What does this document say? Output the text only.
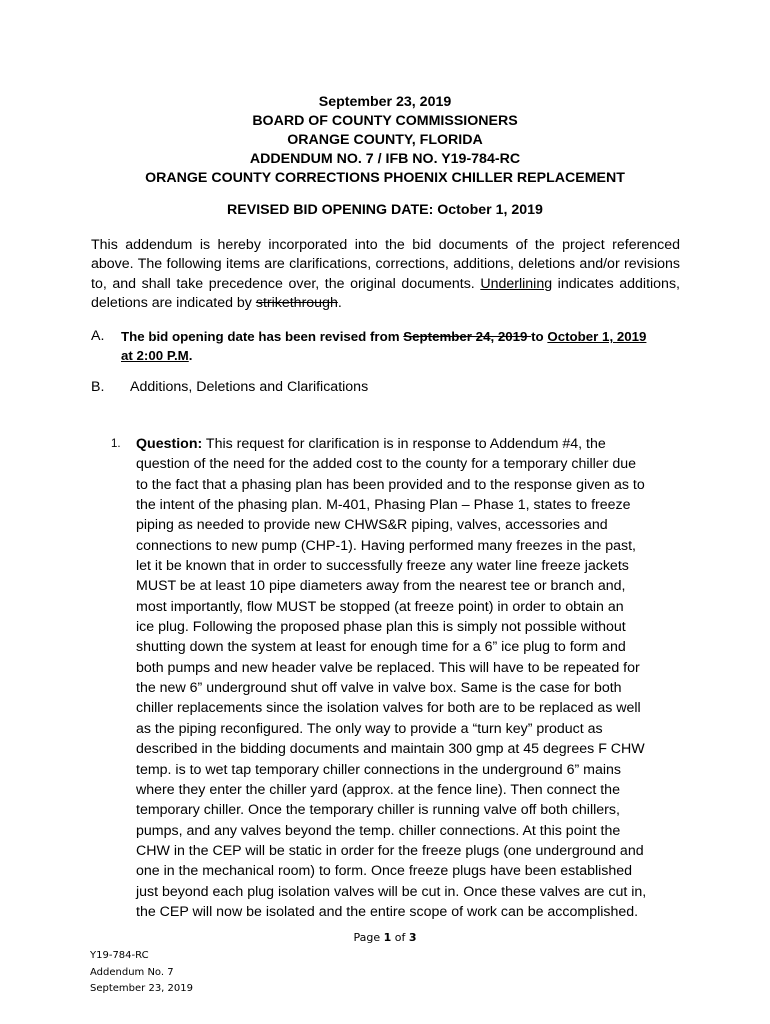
September 23, 2019
BOARD OF COUNTY COMMISSIONERS
ORANGE COUNTY, FLORIDA
ADDENDUM NO. 7 / IFB NO. Y19-784-RC
ORANGE COUNTY CORRECTIONS PHOENIX CHILLER REPLACEMENT
REVISED BID OPENING DATE: October 1, 2019
This addendum is hereby incorporated into the bid documents of the project referenced above. The following items are clarifications, corrections, additions, deletions and/or revisions to, and shall take precedence over, the original documents. Underlining indicates additions, deletions are indicated by strikethrough.
A. The bid opening date has been revised from September 24, 2019 to October 1, 2019
at 2:00 P.M.
B. Additions, Deletions and Clarifications
1. Question: This request for clarification is in response to Addendum #4, the
question of the need for the added cost to the county for a temporary chiller due
to the fact that a phasing plan has been provided and to the response given as to
the intent of the phasing plan. M-401, Phasing Plan – Phase 1, states to freeze
piping as needed to provide new CHWS&R piping, valves, accessories and
connections to new pump (CHP-1). Having performed many freezes in the past,
let it be known that in order to successfully freeze any water line freeze jackets
MUST be at least 10 pipe diameters away from the nearest tee or branch and,
most importantly, flow MUST be stopped (at freeze point) in order to obtain an
ice plug. Following the proposed phase plan this is simply not possible without
shutting down the system at least for enough time for a 6” ice plug to form and
both pumps and new header valve be replaced. This will have to be repeated for
the new 6” underground shut off valve in valve box. Same is the case for both
chiller replacements since the isolation valves for both are to be replaced as well
as the piping reconfigured. The only way to provide a “turn key” product as
described in the bidding documents and maintain 300 gmp at 45 degrees F CHW
temp. is to wet tap temporary chiller connections in the underground 6” mains
where they enter the chiller yard (approx. at the fence line). Then connect the
temporary chiller. Once the temporary chiller is running valve off both chillers,
pumps, and any valves beyond the temp. chiller connections. At this point the
CHW in the CEP will be static in order for the freeze plugs (one underground and
one in the mechanical room) to form. Once freeze plugs have been established
just beyond each plug isolation valves will be cut in. Once these valves are cut in,
the CEP will now be isolated and the entire scope of work can be accomplished.
Page 1 of 3
Y19-784-RC
Addendum No. 7
September 23, 2019
